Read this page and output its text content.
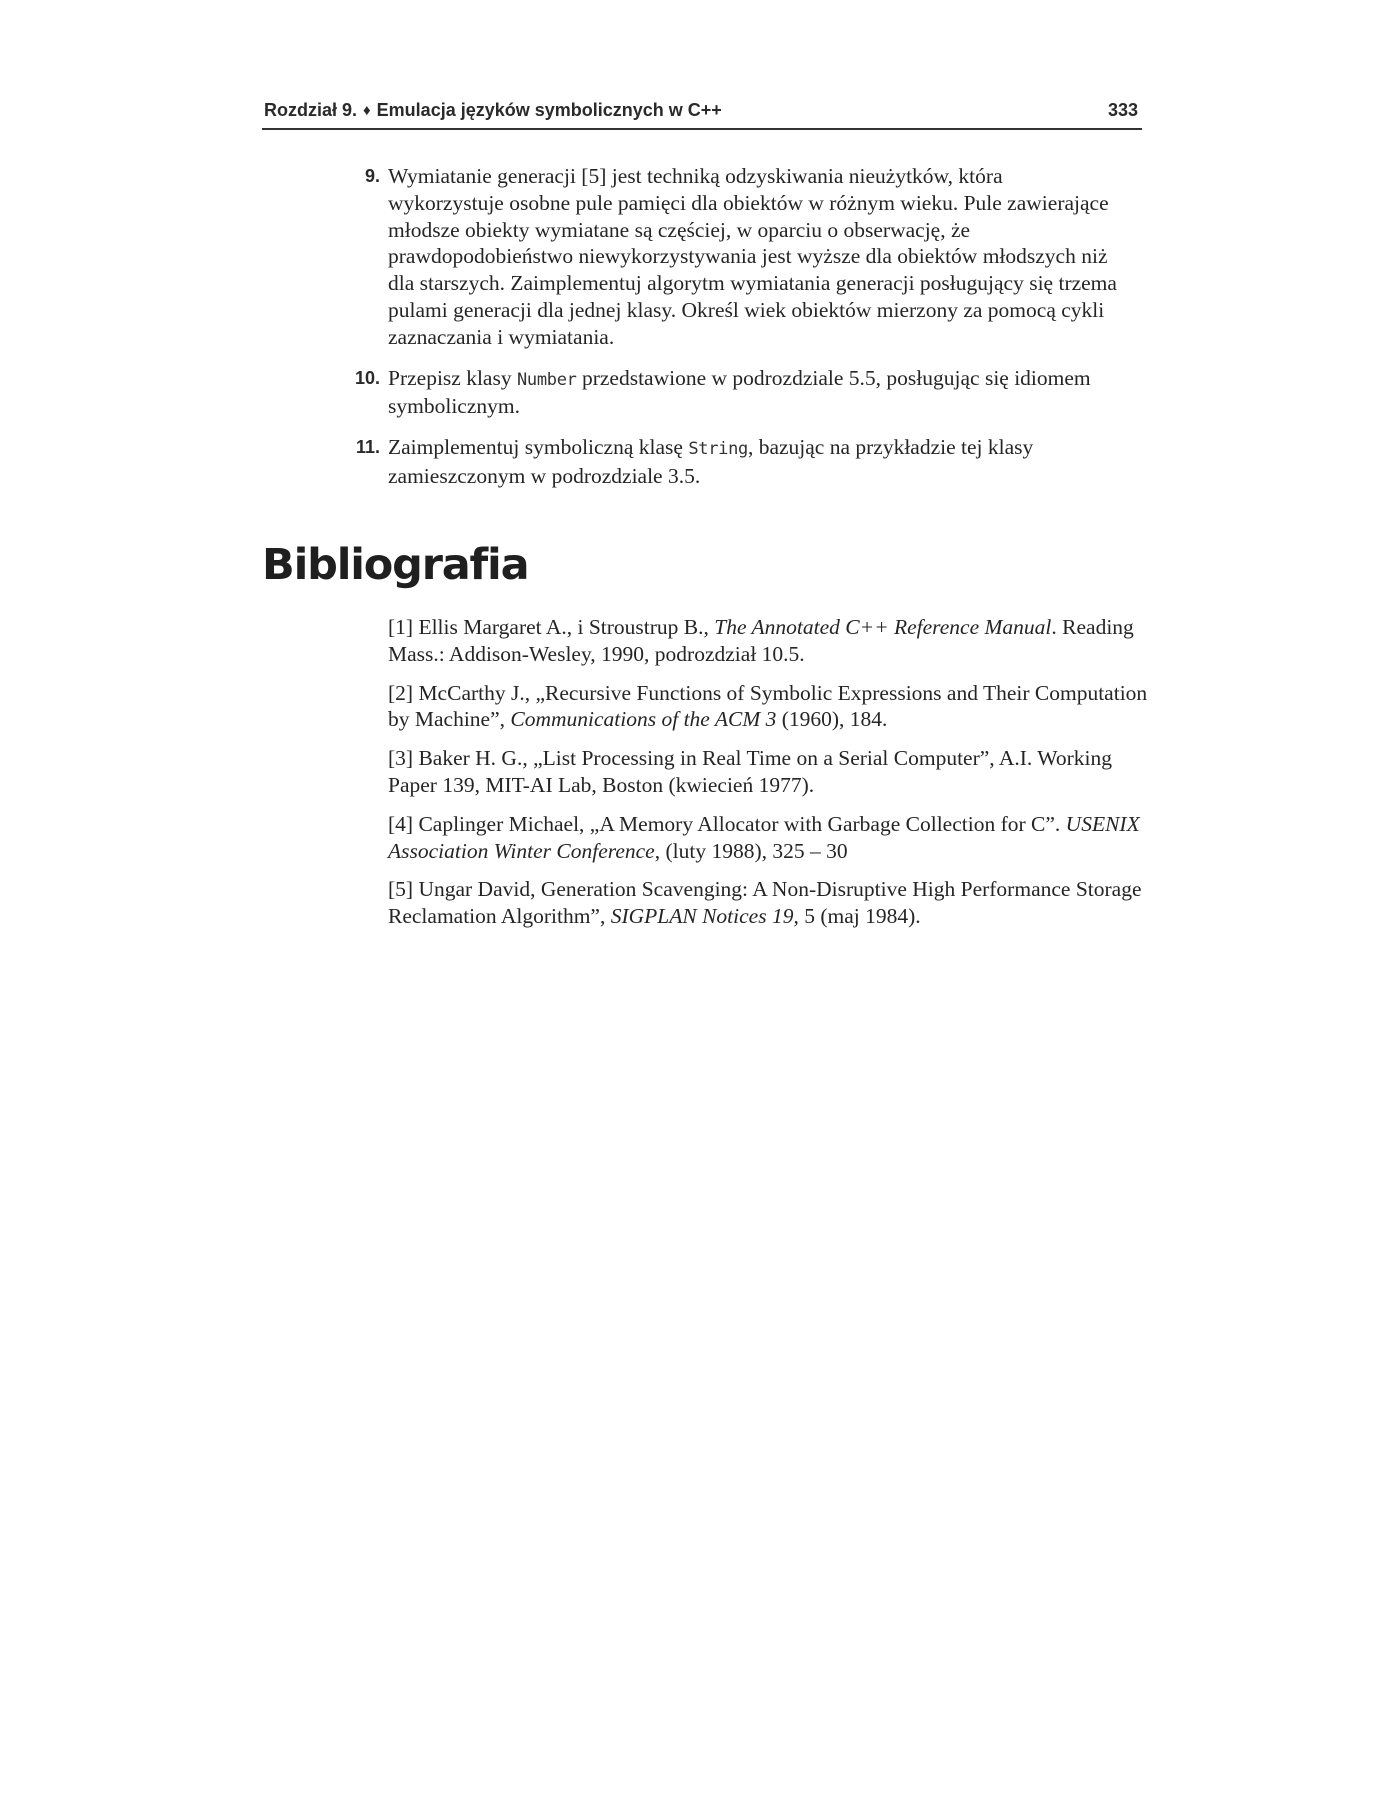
Rozdział 9. ♦ Emulacja języków symbolicznych w C++	333
9. Wymiatanie generacji [5] jest techniką odzyskiwania nieużytków, która wykorzystuje osobne pule pamięci dla obiektów w różnym wieku. Pule zawierające młodsze obiekty wymiatane są częściej, w oparciu o obserwację, że prawdopodobieństwo niewykorzystywania jest wyższe dla obiektów młodszych niż dla starszych. Zaimplementuj algorytm wymiatania generacji posługujący się trzema pulami generacji dla jednej klasy. Określ wiek obiektów mierzony za pomocą cykli zaznaczania i wymiatania.
10. Przepisz klasy Number przedstawione w podrozdziale 5.5, posługując się idiomem symbolicznym.
11. Zaimplementuj symboliczną klasę String, bazując na przykładzie tej klasy zamieszczonym w podrozdziale 3.5.
Bibliografia
[1] Ellis Margaret A., i Stroustrup B., The Annotated C++ Reference Manual. Reading Mass.: Addison-Wesley, 1990, podrozdział 10.5.
[2] McCarthy J., „Recursive Functions of Symbolic Expressions and Their Computation by Machine”, Communications of the ACM 3 (1960), 184.
[3] Baker H. G., „List Processing in Real Time on a Serial Computer”, A.I. Working Paper 139, MIT-AI Lab, Boston (kwiecień 1977).
[4] Caplinger Michael, „A Memory Allocator with Garbage Collection for C”. USENIX Association Winter Conference, (luty 1988), 325 – 30
[5] Ungar David, Generation Scavenging: A Non-Disruptive High Performance Storage Reclamation Algorithm”, SIGPLAN Notices 19, 5 (maj 1984).
